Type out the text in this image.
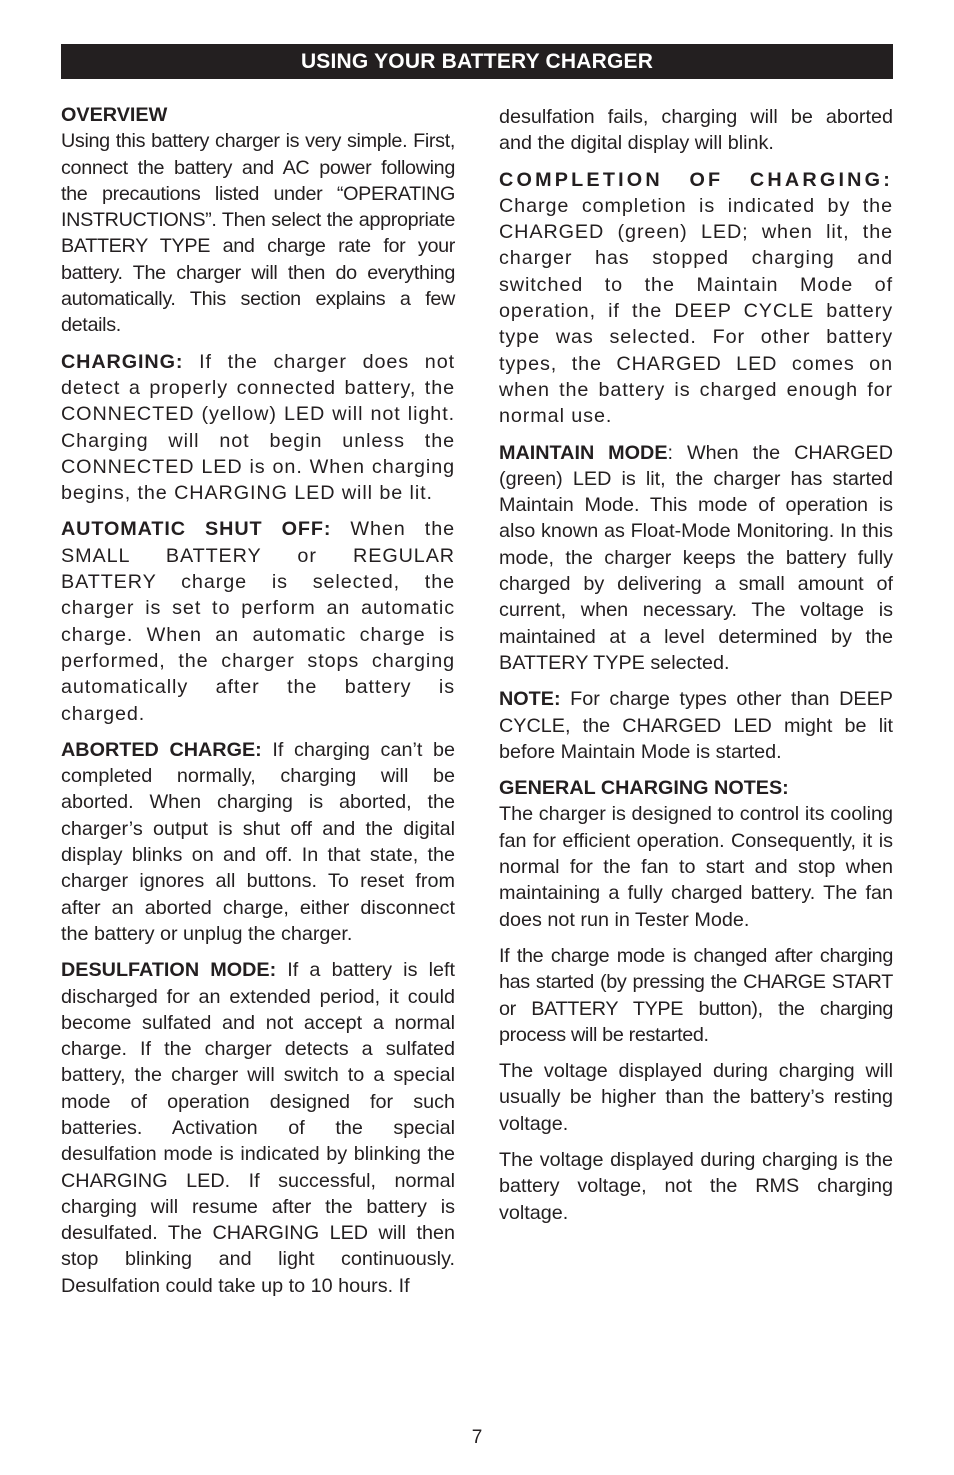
USING YOUR BATTERY CHARGER

OVERVIEW
Using this battery charger is very simple. First, connect the battery and AC power following the precautions listed under “OPERATING INSTRUCTIONS”. Then select the appropriate BATTERY TYPE and charge rate for your battery. The charger will then do everything automatically. This section explains a few details.

CHARGING: If the charger does not detect a properly connected battery, the CONNECTED (yellow) LED will not light. Charging will not begin unless the CONNECTED LED is on. When charging begins, the CHARGING LED will be lit.

AUTOMATIC SHUT OFF: When the SMALL BATTERY or REGULAR BATTERY charge is selected, the charger is set to perform an automatic charge. When an automatic charge is performed, the charger stops charging automatically after the battery is charged.

ABORTED CHARGE: If charging can’t be completed normally, charging will be aborted. When charging is aborted, the charger’s output is shut off and the digital display blinks on and off. In that state, the charger ignores all buttons. To reset from after an aborted charge, either disconnect the battery or unplug the charger.

DESULFATION MODE: If a battery is left discharged for an extended period, it could become sulfated and not accept a normal charge. If the charger detects a sulfated battery, the charger will switch to a special mode of operation designed for such batteries. Activation of the special desulfation mode is indicated by blinking the CHARGING LED. If successful, normal charging will resume after the battery is desulfated. The CHARGING LED will then stop blinking and light continuously. Desulfation could take up to 10 hours. If

desulfation fails, charging will be aborted and the digital display will blink.

COMPLETION OF CHARGING: Charge completion is indicated by the CHARGED (green) LED; when lit, the charger has stopped charging and switched to the Maintain Mode of operation, if the DEEP CYCLE battery type was selected. For other battery types, the CHARGED LED comes on when the battery is charged enough for normal use.

MAINTAIN MODE: When the CHARGED (green) LED is lit, the charger has started Maintain Mode. This mode of operation is also known as Float-Mode Monitoring. In this mode, the charger keeps the battery fully charged by delivering a small amount of current, when necessary. The voltage is maintained at a level determined by the BATTERY TYPE selected.

NOTE: For charge types other than DEEP CYCLE, the CHARGED LED might be lit before Maintain Mode is started.

GENERAL CHARGING NOTES:
The charger is designed to control its cooling fan for efficient operation. Consequently, it is normal for the fan to start and stop when maintaining a fully charged battery. The fan does not run in Tester Mode.

If the charge mode is changed after charging has started (by pressing the CHARGE START or BATTERY TYPE button), the charging process will be restarted.

The voltage displayed during charging will usually be higher than the battery’s resting voltage.

The voltage displayed during charging is the battery voltage, not the RMS charging voltage.

7
